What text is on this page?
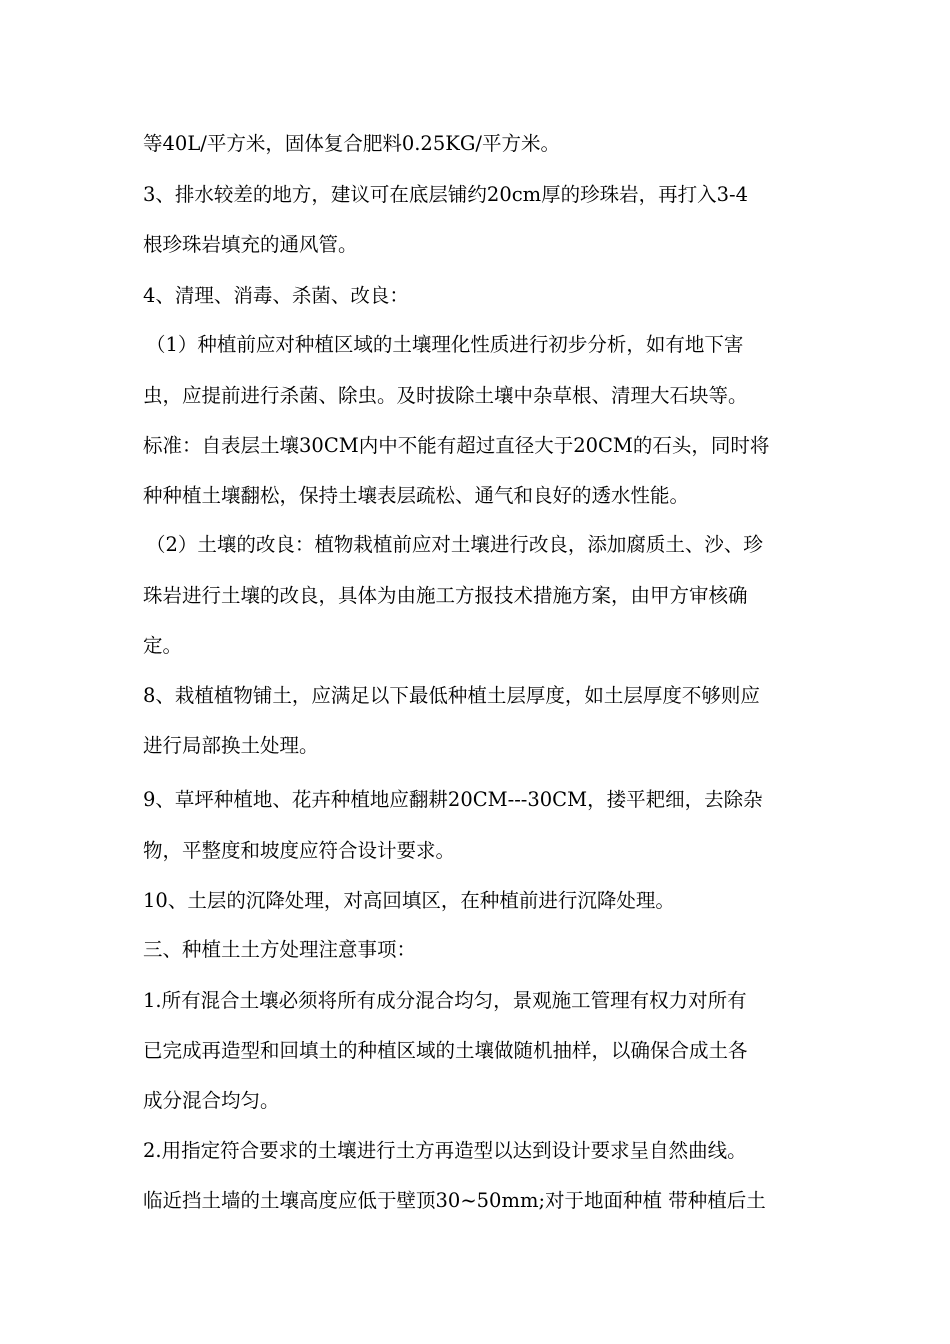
等40L/平方米，固体复合肥料0.25KG/平方米。
3、排水较差的地方，建议可在底层铺约20cm厚的珍珠岩，再打入3-4
根珍珠岩填充的通风管。
4、清理、消毒、杀菌、改良：
（1）种植前应对种植区域的土壤理化性质进行初步分析，如有地下害
虫，应提前进行杀菌、除虫。及时拔除土壤中杂草根、清理大石块等。
标准：自表层土壤30CM内中不能有超过直径大于20CM的石头，同时将
种种植土壤翻松，保持土壤表层疏松、通气和良好的透水性能。
（2）土壤的改良：植物栽植前应对土壤进行改良，添加腐质土、沙、珍
珠岩进行土壤的改良，具体为由施工方报技术措施方案，由甲方审核确
定。
8、栽植植物铺土，应满足以下最低种植土层厚度，如土层厚度不够则应
进行局部换土处理。
9、草坪种植地、花卉种植地应翻耕20CM---30CM，搂平耙细，去除杂
物，平整度和坡度应符合设计要求。
10、土层的沉降处理，对高回填区，在种植前进行沉降处理。
三、种植土土方处理注意事项：
1.所有混合土壤必须将所有成分混合均匀，景观施工管理有权力对所有
已完成再造型和回填土的种植区域的土壤做随机抽样，以确保合成土各
成分混合均匀。
2.用指定符合要求的土壤进行土方再造型以达到设计要求呈自然曲线。
临近挡土墙的土壤高度应低于壁顶30~50mm;对于地面种植 带种植后土
